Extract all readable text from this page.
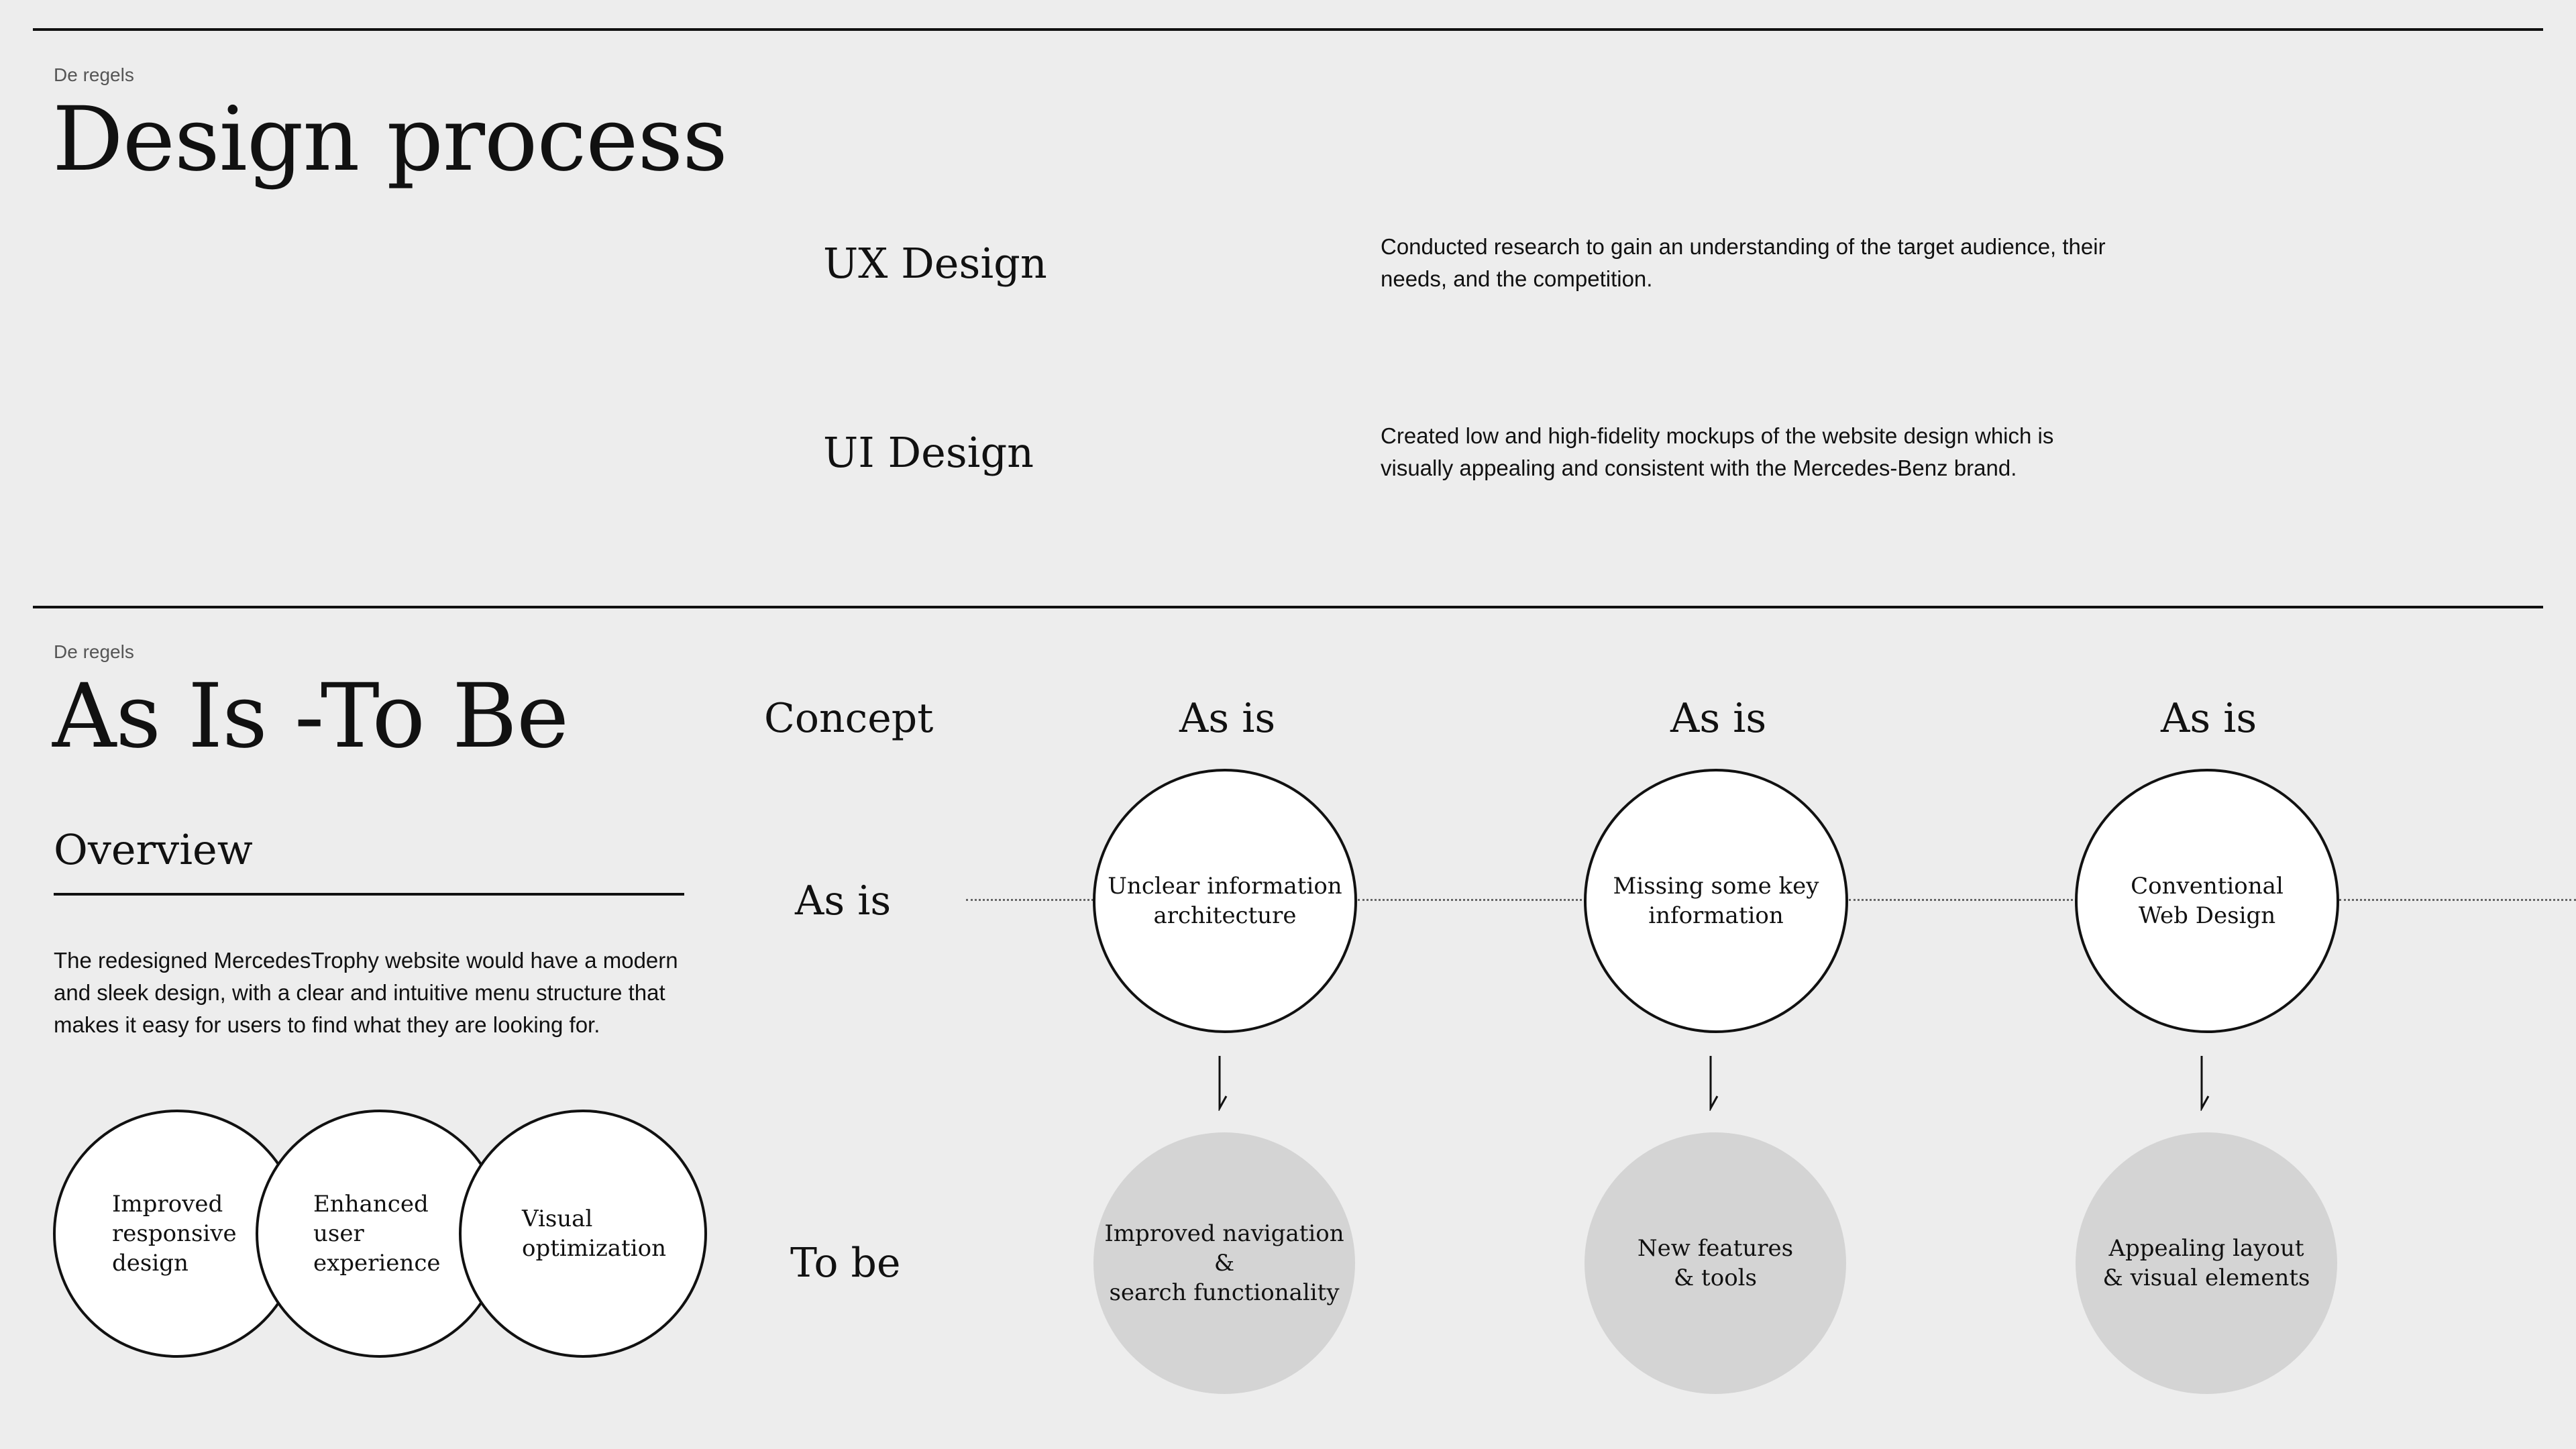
De regels
Design process
UX Design	Conducted research to gain an understanding of the target audience, their needs, and the competition.
UI Design	Created low and high-fidelity mockups of the website design which is visually appealing and consistent with the Mercedes-Benz brand.
De regels
As Is -To Be
Overview
The redesigned MercedesTrophy website would have a modern and sleek design, with a clear and intuitive menu structure that makes it easy for users to find what they are looking for.
Improved
responsive
design
Enhanced
user
experience
Visual
optimization
Concept
As is
To be
As is
Unclear information
architecture
Improved navigation &
search functionality
As is
Missing some key
information
New features
& tools
As is
Conventional
Web Design
Appealing layout
& visual elements
